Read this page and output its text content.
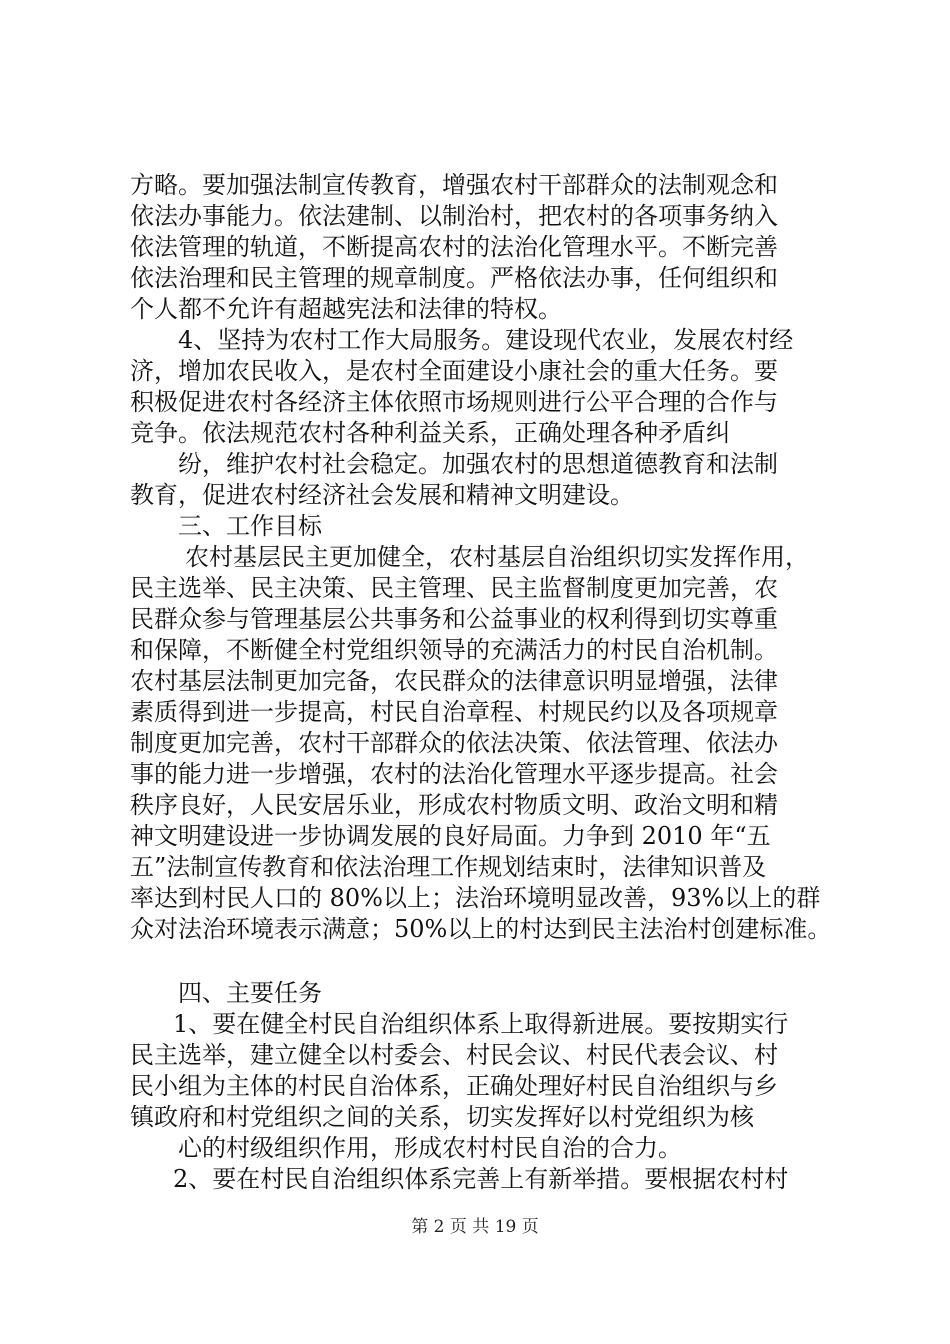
方略。要加强法制宣传教育，增强农村干部群众的法制观念和
依法办事能力。依法建制、以制治村，把农村的各项事务纳入
依法管理的轨道，不断提高农村的法治化管理水平。不断完善
依法治理和民主管理的规章制度。严格依法办事，任何组织和
个人都不允许有超越宪法和法律的特权。
4、坚持为农村工作大局服务。建设现代农业，发展农村经
济，增加农民收入，是农村全面建设小康社会的重大任务。要
积极促进农村各经济主体依照市场规则进行公平合理的合作与
竞争。依法规范农村各种利益关系，正确处理各种矛盾纠
纷，维护农村社会稳定。加强农村的思想道德教育和法制
教育，促进农村经济社会发展和精神文明建设。
三、工作目标
农村基层民主更加健全，农村基层自治组织切实发挥作用，
民主选举、民主决策、民主管理、民主监督制度更加完善，农
民群众参与管理基层公共事务和公益事业的权利得到切实尊重
和保障，不断健全村党组织领导的充满活力的村民自治机制。
农村基层法制更加完备，农民群众的法律意识明显增强，法律
素质得到进一步提高，村民自治章程、村规民约以及各项规章
制度更加完善，农村干部群众的依法决策、依法管理、依法办
事的能力进一步增强，农村的法治化管理水平逐步提高。社会
秩序良好，人民安居乐业，形成农村物质文明、政治文明和精
神文明建设进一步协调发展的良好局面。力争到 2010 年“五
五”法制宣传教育和依法治理工作规划结束时，法律知识普及
率达到村民人口的 80%以上；法治环境明显改善，93%以上的群
众对法治环境表示满意；50%以上的村达到民主法治村创建标准。
四、主要任务
1、要在健全村民自治组织体系上取得新进展。要按期实行
民主选举，建立健全以村委会、村民会议、村民代表会议、村
民小组为主体的村民自治体系，正确处理好村民自治组织与乡
镇政府和村党组织之间的关系，切实发挥好以村党组织为核
心的村级组织作用，形成农村村民自治的合力。
2、要在村民自治组织体系完善上有新举措。要根据农村村
第 2 页 共 19 页
